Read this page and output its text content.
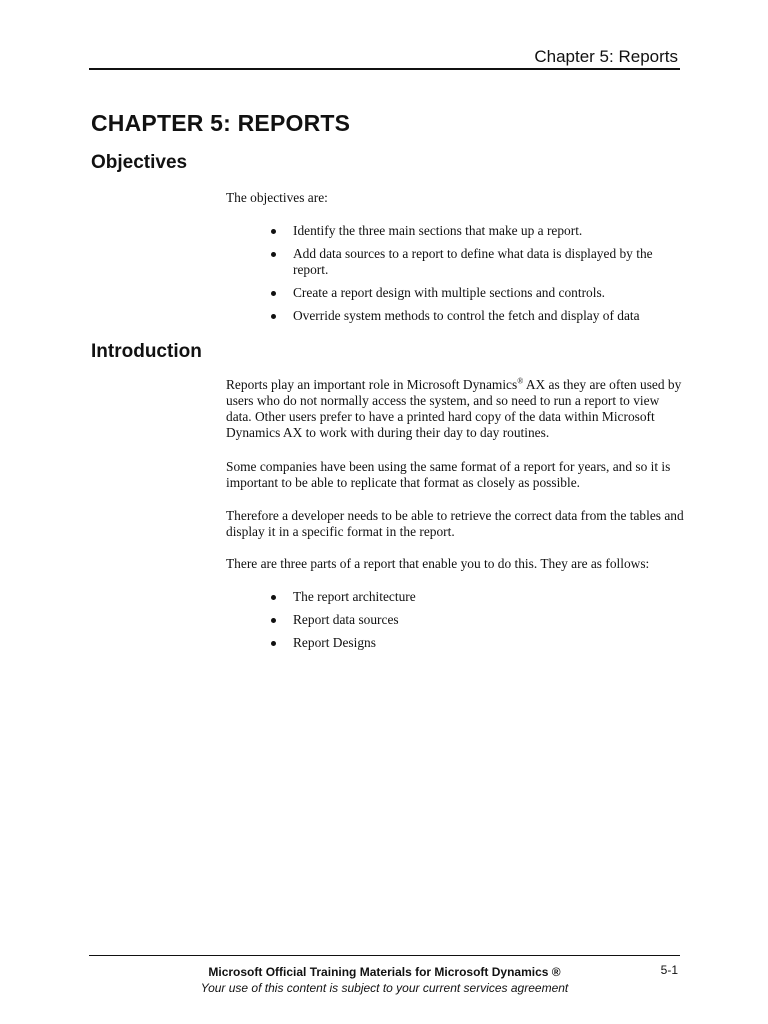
Chapter 5: Reports
CHAPTER 5: REPORTS
Objectives

The objectives are:

Identify the three main sections that make up a report.
Add data sources to a report to define what data is displayed by the report.
Create a report design with multiple sections and controls.
Override system methods to control the fetch and display of data
Introduction

Reports play an important role in Microsoft Dynamics® AX as they are often used by users who do not normally access the system, and so need to run a report to view data. Other users prefer to have a printed hard copy of the data within Microsoft Dynamics AX to work with during their day to day routines.

Some companies have been using the same format of a report for years, and so it is important to be able to replicate that format as closely as possible.

Therefore a developer needs to be able to retrieve the correct data from the tables and display it in a specific format in the report.

There are three parts of a report that enable you to do this. They are as follows:

The report architecture
Report data sources
Report Designs
Microsoft Official Training Materials for Microsoft Dynamics ®
Your use of this content is subject to your current services agreement
5-1
